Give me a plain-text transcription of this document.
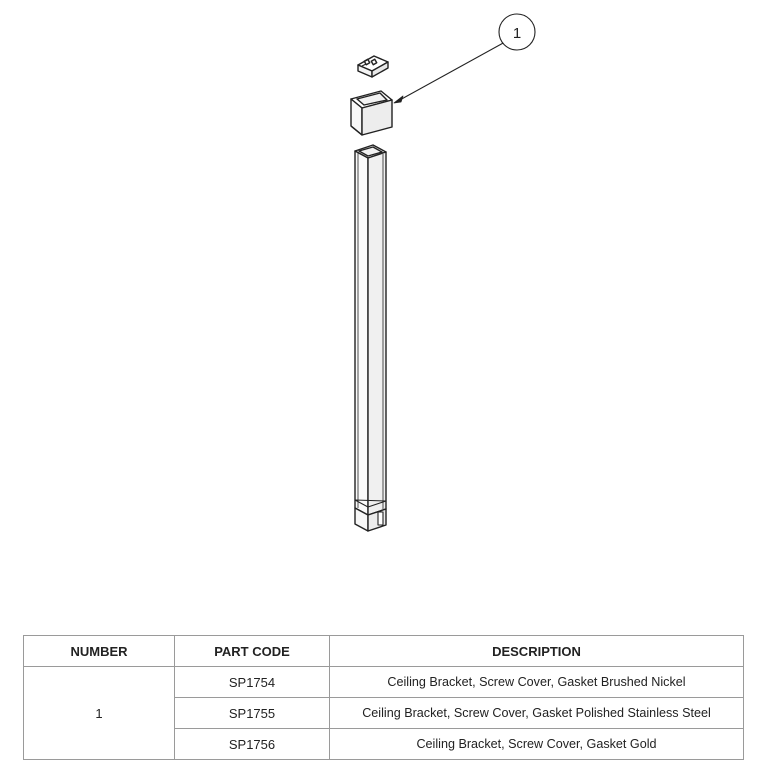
1
NUMBER	PART CODE	DESCRIPTION
1	SP1754	Ceiling Bracket, Screw Cover, Gasket Brushed Nickel
	SP1755	Ceiling Bracket, Screw Cover, Gasket Polished Stainless Steel
	SP1756	Ceiling Bracket, Screw Cover, Gasket Gold
